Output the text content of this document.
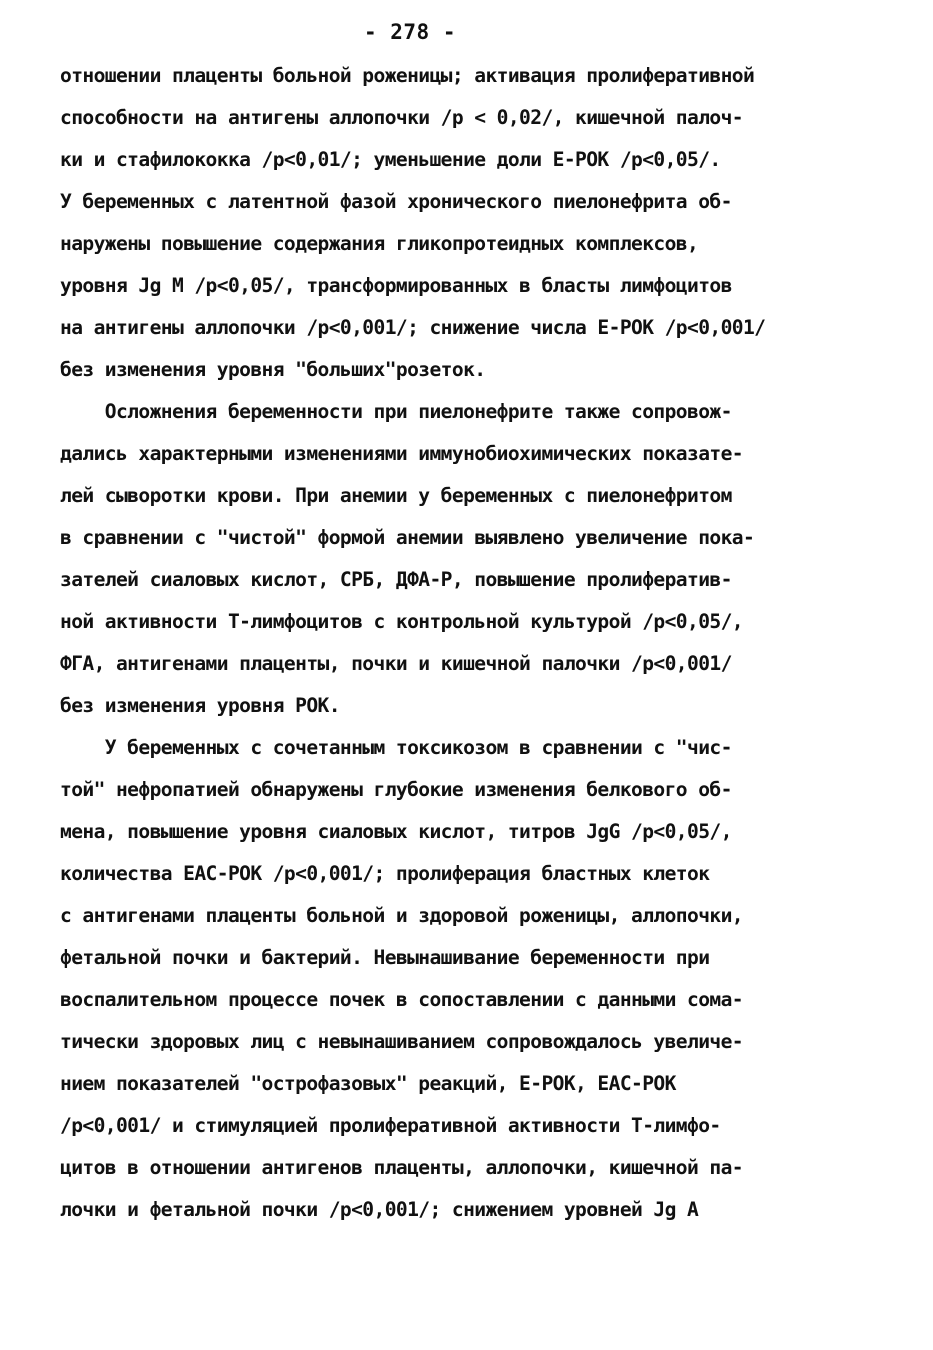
- 278 -
отношении плаценты больной роженицы; активация пролиферативной
способности на антигены аллопочки /р < 0,02/, кишечной палоч-
ки и стафилококка /р<0,01/; уменьшение доли Е-РОК /р<0,05/.
У беременных с латентной фазой хронического пиелонефрита об-
наружены повышение содержания гликопротеидных комплексов,
уровня Jg M /р<0,05/, трансформированных в бласты лимфоцитов
на антигены аллопочки /р<0,001/; снижение числа Е-РОК /р<0,001/
без изменения уровня "больших"розеток.
Осложнения беременности при пиелонефрите также сопровож-
дались характерными изменениями иммунобиохимических показате-
лей сыворотки крови. При анемии у беременных с пиелонефритом
в сравнении с "чистой" формой анемии выявлено увеличение пока-
зателей сиаловых кислот, СРБ, ДФА-Р, повышение пролифератив-
ной активности Т-лимфоцитов с контрольной культурой /р<0,05/,
ФГА, антигенами плаценты, почки и кишечной палочки /р<0,001/
без изменения уровня РОК.
У беременных с сочетанным токсикозом в сравнении с "чис-
той" нефропатией обнаружены глубокие изменения белкового об-
мена, повышение уровня сиаловых кислот, титров JgG /р<0,05/,
количества ЕАС-РОК /р<0,001/; пролиферация бластных клеток
с антигенами плаценты больной и здоровой роженицы, аллопочки,
фетальной почки и бактерий. Невынашивание беременности при
воспалительном процессе почек в сопоставлении с данными сома-
тически здоровых лиц с невынашиванием сопровождалось увеличе-
нием показателей "острофазовых" реакций, Е-РОК, ЕАС-РОК
/р<0,001/ и стимуляцией пролиферативной активности Т-лимфо-
цитов в отношении антигенов плаценты, аллопочки, кишечной па-
лочки и фетальной почки /р<0,001/; снижением уровней Jg A
